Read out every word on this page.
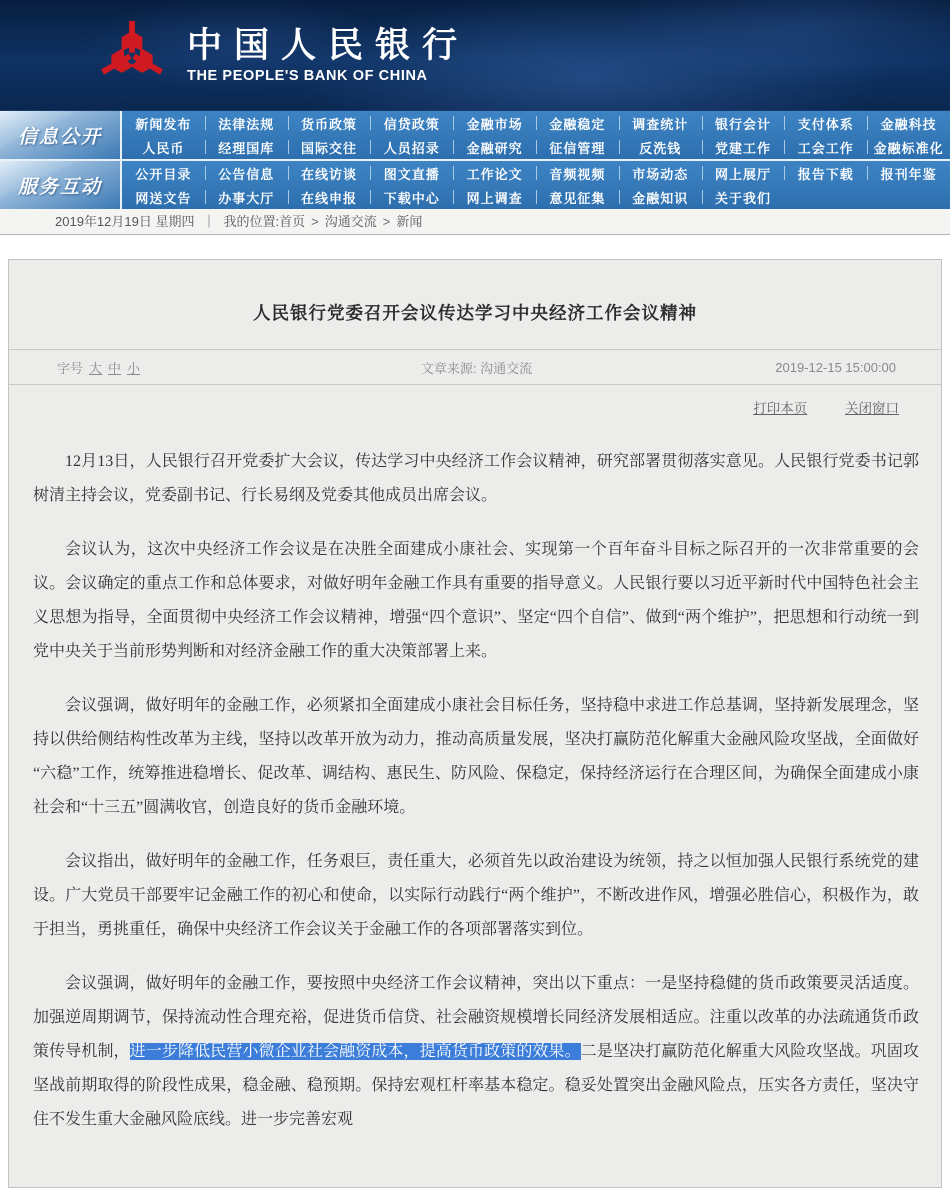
中国人民银行
THE PEOPLE'S BANK OF CHINA
信息公开
新闻发布	法律法规	货币政策	信贷政策	金融市场	金融稳定	调查统计	银行会计	支付体系	金融科技
人民币	经理国库	国际交往	人员招录	金融研究	征信管理	反洗钱	党建工作	工会工作	金融标准化
服务互动
公开目录	公告信息	在线访谈	图文直播	工作论文	音频视频	市场动态	网上展厅	报告下载	报刊年鉴
网送文告	办事大厅	在线申报	下载中心	网上调查	意见征集	金融知识	关于我们
2019年12月19日 星期四 ｜ 我的位置:首页 > 沟通交流 > 新闻
人民银行党委召开会议传达学习中央经济工作会议精神
字号 大 中 小	文章来源: 沟通交流	2019-12-15 15:00:00
打印本页	关闭窗口

12月13日，人民银行召开党委扩大会议，传达学习中央经济工作会议精神，研究部署贯彻落实意见。人民银行党委书记郭树清主持会议，党委副书记、行长易纲及党委其他成员出席会议。

会议认为，这次中央经济工作会议是在决胜全面建成小康社会、实现第一个百年奋斗目标之际召开的一次非常重要的会议。会议确定的重点工作和总体要求，对做好明年金融工作具有重要的指导意义。人民银行要以习近平新时代中国特色社会主义思想为指导，全面贯彻中央经济工作会议精神，增强“四个意识”、坚定“四个自信”、做到“两个维护”，把思想和行动统一到党中央关于当前形势判断和对经济金融工作的重大决策部署上来。

会议强调，做好明年的金融工作，必须紧扣全面建成小康社会目标任务，坚持稳中求进工作总基调，坚持新发展理念，坚持以供给侧结构性改革为主线，坚持以改革开放为动力，推动高质量发展，坚决打赢防范化解重大金融风险攻坚战，全面做好“六稳”工作，统筹推进稳增长、促改革、调结构、惠民生、防风险、保稳定，保持经济运行在合理区间，为确保全面建成小康社会和“十三五”圆满收官，创造良好的货币金融环境。

会议指出，做好明年的金融工作，任务艰巨，责任重大，必须首先以政治建设为统领，持之以恒加强人民银行系统党的建设。广大党员干部要牢记金融工作的初心和使命，以实际行动践行“两个维护”，不断改进作风，增强必胜信心，积极作为，敢于担当，勇挑重任，确保中央经济工作会议关于金融工作的各项部署落实到位。

会议强调，做好明年的金融工作，要按照中央经济工作会议精神，突出以下重点：一是坚持稳健的货币政策要灵活适度。加强逆周期调节，保持流动性合理充裕，促进货币信贷、社会融资规模增长同经济发展相适应。注重以改革的办法疏通货币政策传导机制，进一步降低民营小微企业社会融资成本，提高货币政策的效果。二是坚决打赢防范化解重大风险攻坚战。巩固攻坚战前期取得的阶段性成果，稳金融、稳预期。保持宏观杠杆率基本稳定。稳妥处置突出金融风险点，压实各方责任，坚决守住不发生重大金融风险底线。进一步完善宏观
